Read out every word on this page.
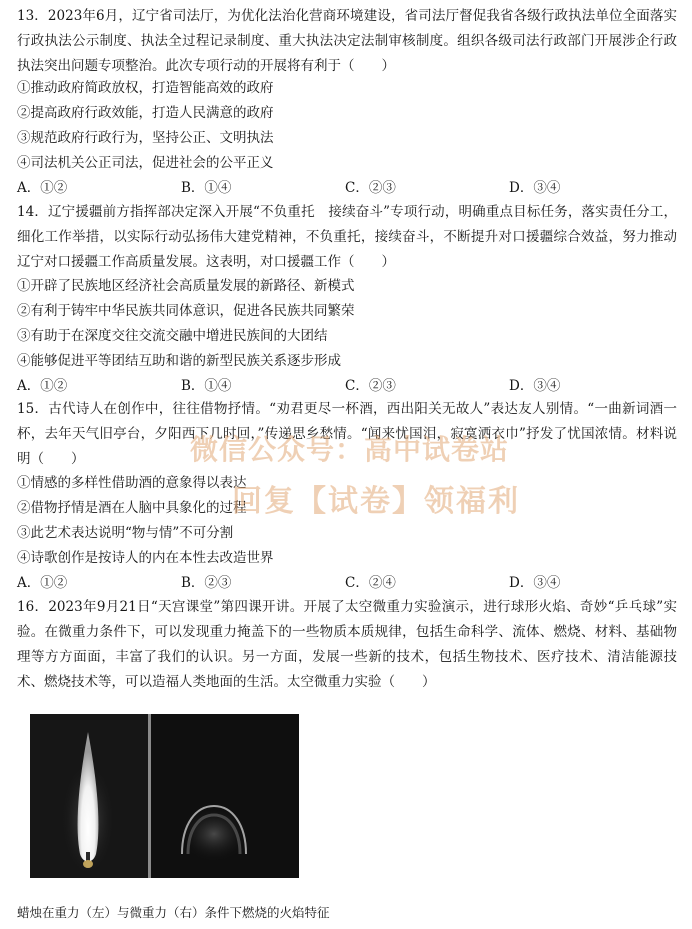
13．2023年6月，辽宁省司法厅，为优化法治化营商环境建设，省司法厅督促我省各级行政执法单位全面落实行政执法公示制度、执法全过程记录制度、重大执法决定法制审核制度。组织各级司法行政部门开展涉企行政执法突出问题专项整治。此次专项行动的开展将有利于（　　）
①推动政府简政放权，打造智能高效的政府
②提高政府行政效能，打造人民满意的政府
③规范政府行政行为，坚持公正、文明执法
④司法机关公正司法，促进社会的公平正义
A．①②	B．①④	C．②③	D．③④
14．辽宁援疆前方指挥部决定深入开展“不负重托　接续奋斗”专项行动，明确重点目标任务，落实责任分工，细化工作举措，以实际行动弘扬伟大建党精神，不负重托，接续奋斗，不断提升对口援疆综合效益，努力推动辽宁对口援疆工作高质量发展。这表明，对口援疆工作（　　）
①开辟了民族地区经济社会高质量发展的新路径、新模式
②有利于铸牢中华民族共同体意识，促进各民族共同繁荣
③有助于在深度交往交流交融中增进民族间的大团结
④能够促进平等团结互助和谐的新型民族关系逐步形成
A．①②	B．①④	C．②③	D．③④
15．古代诗人在创作中，往往借物抒情。“劝君更尽一杯酒，西出阳关无故人”表达友人别情。“一曲新词酒一杯，去年天气旧亭台，夕阳西下几时回，”传递思乡愁情。“闻来忧国泪，寂寞洒衣巾”抒发了忧国浓情。材料说明（　　）
①情感的多样性借助酒的意象得以表达
②借物抒情是酒在人脑中具象化的过程
③此艺术表达说明“物与情”不可分割
④诗歌创作是按诗人的内在本性去改造世界
A．①②	B．②③	C．②④	D．③④
16．2023年9月21日“天宫课堂”第四课开讲。开展了太空微重力实验演示，进行球形火焰、奇妙“乒乓球”实验。在微重力条件下，可以发现重力掩盖下的一些物质本质规律，包括生命科学、流体、燃烧、材料、基础物理等方方面面，丰富了我们的认识。另一方面，发展一些新的技术，包括生物技术、医疗技术、清洁能源技术、燃烧技术等，可以造福人类地面的生活。太空微重力实验（　　）
微信公众号：高中试卷站
回复【试卷】领福利
蜡烛在重力（左）与微重力（右）条件下燃烧的火焰特征
